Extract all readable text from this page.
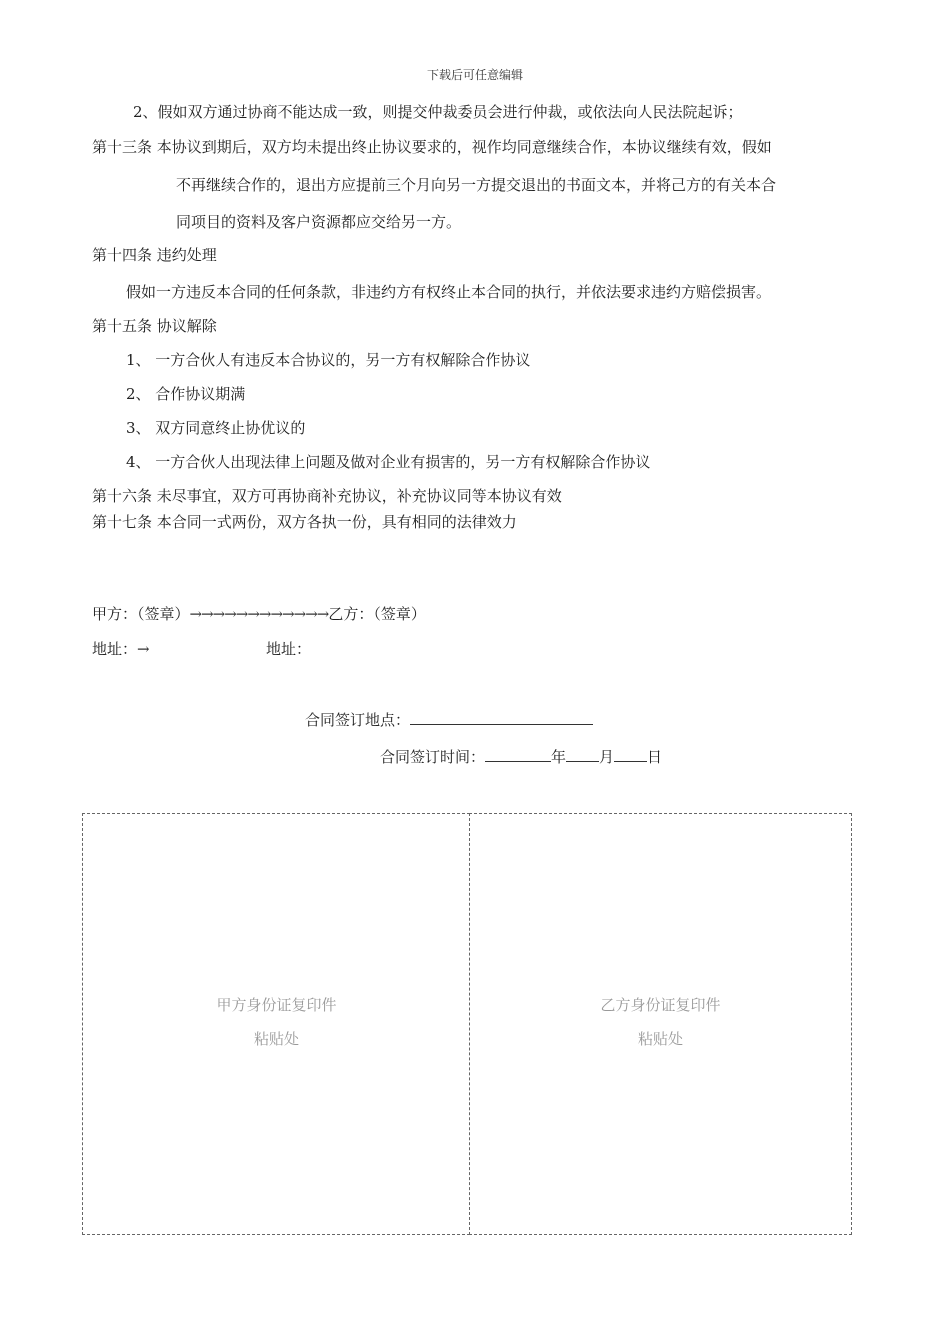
下载后可任意编辑
2、假如双方通过协商不能达成一致，则提交仲裁委员会进行仲裁，或依法向人民法院起诉；
第十三条 本协议到期后，双方均未提出终止协议要求的，视作均同意继续合作，本协议继续有效，假如
不再继续合作的，退出方应提前三个月向另一方提交退出的书面文本，并将己方的有关本合
同项目的资料及客户资源都应交给另一方。
第十四条 违约处理
假如一方违反本合同的任何条款，非违约方有权终止本合同的执行，并依法要求违约方赔偿损害。
第十五条 协议解除
1、 一方合伙人有违反本合协议的，另一方有权解除合作协议
2、 合作协议期满
3、 双方同意终止协优议的
4、 一方合伙人出现法律上问题及做对企业有损害的，另一方有权解除合作协议
第十六条 未尽事宜，双方可再协商补充协议，补充协议同等本协议有效
第十七条 本合同一式两份，双方各执一份，具有相同的法律效力
甲方：（签章）→→→→→→→→→→→→乙方：（签章）
地址：→	地址：
合同签订地点：
合同签订时间：	年 月 日
甲方身份证复印件
粘贴处
乙方身份证复印件
粘贴处
